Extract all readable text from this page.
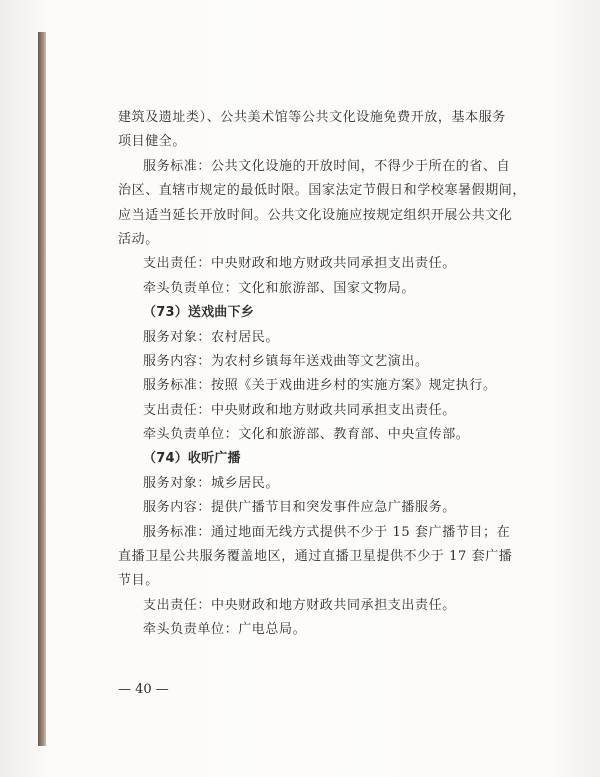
建筑及遗址类）、公共美术馆等公共文化设施免费开放，基本服务
项目健全。
服务标准：公共文化设施的开放时间，不得少于所在的省、自
治区、直辖市规定的最低时限。国家法定节假日和学校寒暑假期间，
应当适当延长开放时间。公共文化设施应按规定组织开展公共文化
活动。
支出责任：中央财政和地方财政共同承担支出责任。
牵头负责单位：文化和旅游部、国家文物局。
（73）送戏曲下乡
服务对象：农村居民。
服务内容：为农村乡镇每年送戏曲等文艺演出。
服务标准：按照《关于戏曲进乡村的实施方案》规定执行。
支出责任：中央财政和地方财政共同承担支出责任。
牵头负责单位：文化和旅游部、教育部、中央宣传部。
（74）收听广播
服务对象：城乡居民。
服务内容：提供广播节目和突发事件应急广播服务。
服务标准：通过地面无线方式提供不少于 15 套广播节目；在
直播卫星公共服务覆盖地区，通过直播卫星提供不少于 17 套广播
节目。
支出责任：中央财政和地方财政共同承担支出责任。
牵头负责单位：广电总局。
— 40 —
